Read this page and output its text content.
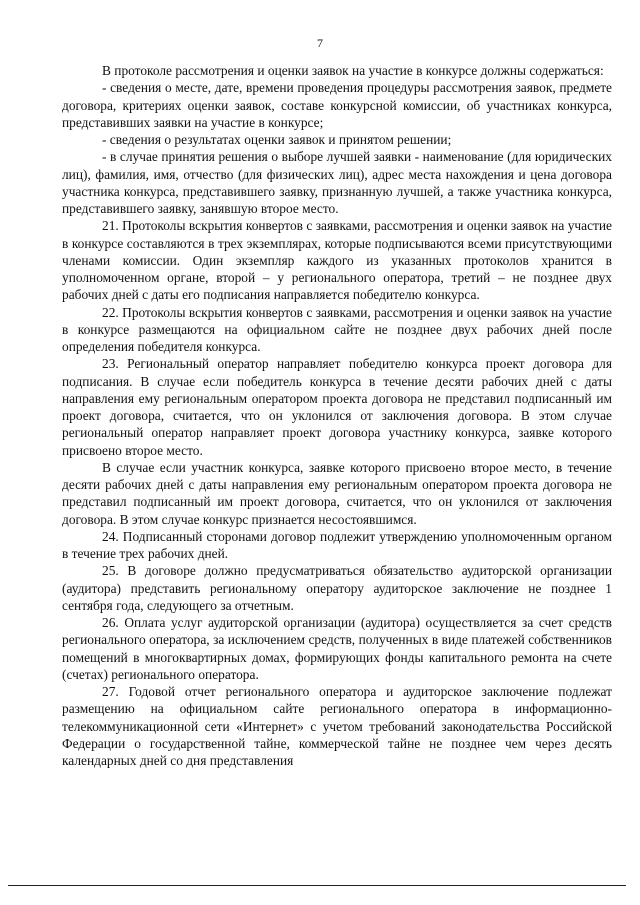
7

В протоколе рассмотрения и оценки заявок на участие в конкурсе должны содержаться:

- сведения о месте, дате, времени проведения процедуры рассмотрения заявок, предмете договора, критериях оценки заявок, составе конкурсной комиссии, об участниках конкурса, представивших заявки на участие в конкурсе;

- сведения о результатах оценки заявок и принятом решении;

- в случае принятия решения о выборе лучшей заявки - наименование (для юридических лиц), фамилия, имя, отчество (для физических лиц), адрес места нахождения и цена договора участника конкурса, представившего заявку, признанную лучшей, а также участника конкурса, представившего заявку, занявшую второе место.

21. Протоколы вскрытия конвертов с заявками, рассмотрения и оценки заявок на участие в конкурсе составляются в трех экземплярах, которые подписываются всеми присутствующими членами комиссии. Один экземпляр каждого из указанных протоколов хранится в уполномоченном органе, второй – у регионального оператора, третий – не позднее двух рабочих дней с даты его подписания направляется победителю конкурса.

22. Протоколы вскрытия конвертов с заявками, рассмотрения и оценки заявок на участие в конкурсе размещаются на официальном сайте не позднее двух рабочих дней после определения победителя конкурса.

23. Региональный оператор направляет победителю конкурса проект договора для подписания. В случае если победитель конкурса в течение десяти рабочих дней с даты направления ему региональным оператором проекта договора не представил подписанный им проект договора, считается, что он уклонился от заключения договора. В этом случае региональный оператор направляет проект договора участнику конкурса, заявке которого присвоено второе место.

В случае если участник конкурса, заявке которого присвоено второе место, в течение десяти рабочих дней с даты направления ему региональным оператором проекта договора не представил подписанный им проект договора, считается, что он уклонился от заключения договора. В этом случае конкурс признается несостоявшимся.

24. Подписанный сторонами договор подлежит утверждению уполномоченным органом в течение трех рабочих дней.

25. В договоре должно предусматриваться обязательство аудиторской организации (аудитора) представить региональному оператору аудиторское заключение не позднее 1 сентября года, следующего за отчетным.

26. Оплата услуг аудиторской организации (аудитора) осуществляется за счет средств регионального оператора, за исключением средств, полученных в виде платежей собственников помещений в многоквартирных домах, формирующих фонды капитального ремонта на счете (счетах) регионального оператора.

27. Годовой отчет регионального оператора и аудиторское заключение подлежат размещению на официальном сайте регионального оператора в информационно-телекоммуникационной сети «Интернет» с учетом требований законодательства Российской Федерации о государственной тайне, коммерческой тайне не позднее чем через десять календарных дней со дня представления
